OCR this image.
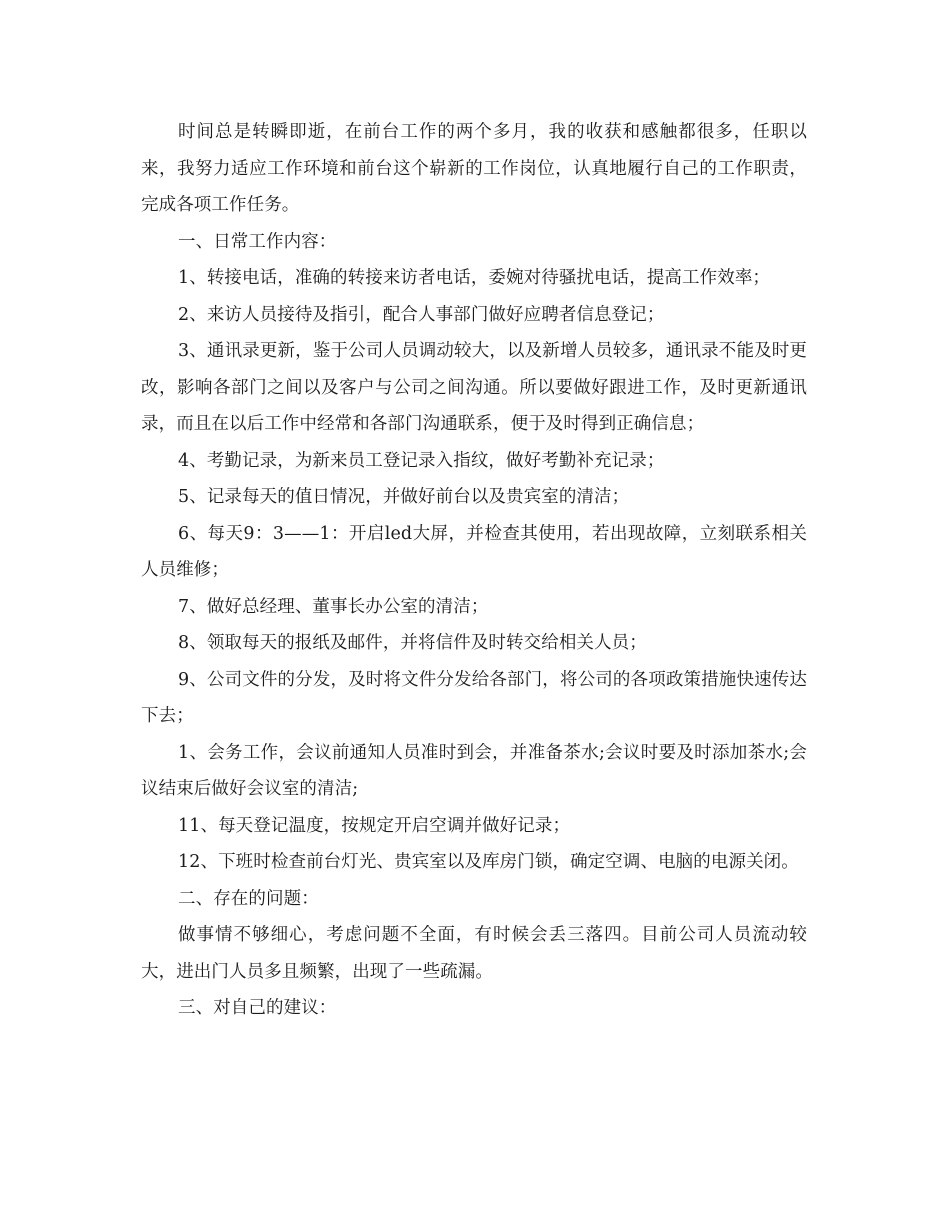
时间总是转瞬即逝，在前台工作的两个多月，我的收获和感触都很多，任职以来，我努力适应工作环境和前台这个崭新的工作岗位，认真地履行自己的工作职责，完成各项工作任务。

一、日常工作内容：

1、转接电话，准确的转接来访者电话，委婉对待骚扰电话，提高工作效率；

2、来访人员接待及指引，配合人事部门做好应聘者信息登记；

3、通讯录更新，鉴于公司人员调动较大，以及新增人员较多，通讯录不能及时更改，影响各部门之间以及客户与公司之间沟通。所以要做好跟进工作，及时更新通讯录，而且在以后工作中经常和各部门沟通联系，便于及时得到正确信息；

4、考勤记录，为新来员工登记录入指纹，做好考勤补充记录；

5、记录每天的值日情况，并做好前台以及贵宾室的清洁；

6、每天9：3——1：开启led大屏，并检查其使用，若出现故障，立刻联系相关人员维修；

7、做好总经理、董事长办公室的清洁；

8、领取每天的报纸及邮件，并将信件及时转交给相关人员；

9、公司文件的分发，及时将文件分发给各部门，将公司的各项政策措施快速传达下去；

1、会务工作，会议前通知人员准时到会，并准备茶水;会议时要及时添加茶水;会议结束后做好会议室的清洁;

11、每天登记温度，按规定开启空调并做好记录；

12、下班时检查前台灯光、贵宾室以及库房门锁，确定空调、电脑的电源关闭。

二、存在的问题：

做事情不够细心，考虑问题不全面，有时候会丢三落四。目前公司人员流动较大，进出门人员多且频繁，出现了一些疏漏。

三、对自己的建议：
